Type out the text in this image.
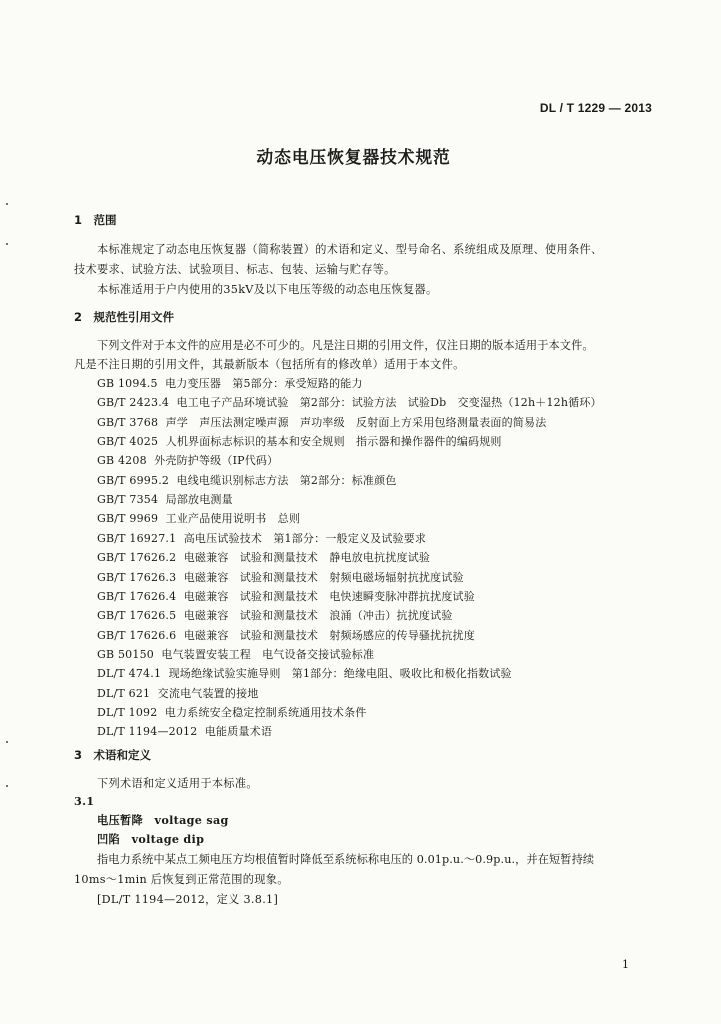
DL / T 1229 — 2013
动态电压恢复器技术规范
1　范围
本标准规定了动态电压恢复器（简称装置）的术语和定义、型号命名、系统组成及原理、使用条件、
技术要求、试验方法、试验项目、标志、包装、运输与贮存等。
本标准适用于户内使用的35kV及以下电压等级的动态电压恢复器。
2　规范性引用文件
下列文件对于本文件的应用是必不可少的。凡是注日期的引用文件，仅注日期的版本适用于本文件。
凡是不注日期的引用文件，其最新版本（包括所有的修改单）适用于本文件。
GB 1094.5 电力变压器　第5部分：承受短路的能力
GB/T 2423.4 电工电子产品环境试验　第2部分：试验方法　试验Db　交变湿热（12h＋12h循环）
GB/T 3768 声学　声压法测定噪声源　声功率级　反射面上方采用包络测量表面的简易法
GB/T 4025 人机界面标志标识的基本和安全规则　指示器和操作器件的编码规则
GB 4208 外壳防护等级（IP代码）
GB/T 6995.2 电线电缆识别标志方法　第2部分：标准颜色
GB/T 7354 局部放电测量
GB/T 9969 工业产品使用说明书　总则
GB/T 16927.1 高电压试验技术　第1部分：一般定义及试验要求
GB/T 17626.2 电磁兼容　试验和测量技术　静电放电抗扰度试验
GB/T 17626.3 电磁兼容　试验和测量技术　射频电磁场辐射抗扰度试验
GB/T 17626.4 电磁兼容　试验和测量技术　电快速瞬变脉冲群抗扰度试验
GB/T 17626.5 电磁兼容　试验和测量技术　浪涌（冲击）抗扰度试验
GB/T 17626.6 电磁兼容　试验和测量技术　射频场感应的传导骚扰抗扰度
GB 50150 电气装置安装工程　电气设备交接试验标准
DL/T 474.1 现场绝缘试验实施导则　第1部分：绝缘电阻、吸收比和极化指数试验
DL/T 621 交流电气装置的接地
DL/T 1092 电力系统安全稳定控制系统通用技术条件
DL/T 1194—2012 电能质量术语
3　术语和定义
下列术语和定义适用于本标准。
3.1
电压暂降 voltage sag
凹陷 voltage dip
指电力系统中某点工频电压方均根值暂时降低至系统标称电压的 0.01p.u.～0.9p.u.，并在短暂持续
10ms～1min 后恢复到正常范围的现象。
[DL/T 1194—2012，定义 3.8.1]
1
